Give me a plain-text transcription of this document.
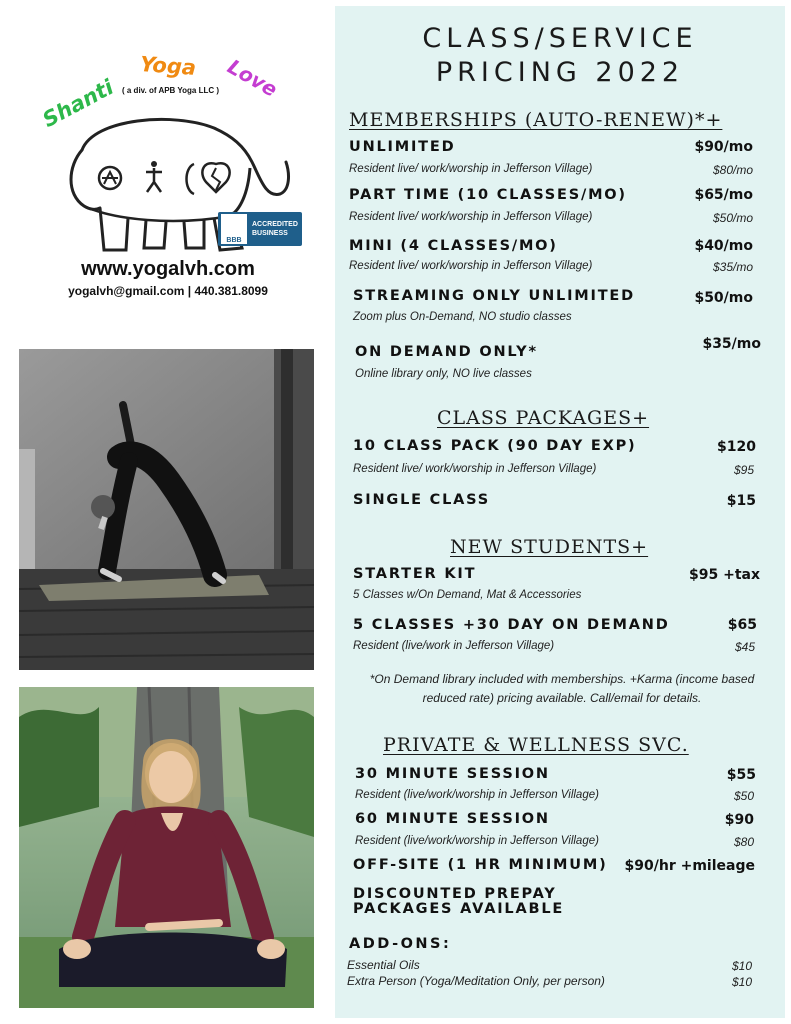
Shanti
Yoga Love
( a div. of APB Yoga LLC )
BBB
ACCREDITED
BUSINESS
www.yogalvh.com
yogalvh@gmail.com | 440.381.8099
CLASS/SERVICE
PRICING 2022
MEMBERSHIPS (AUTO-RENEW)*+
UNLIMITED	$90/mo
Resident live/ work/worship in Jefferson Village)	$80/mo
PART TIME (10 CLASSES/MO)	$65/mo
Resident live/ work/worship in Jefferson Village)	$50/mo
MINI (4 CLASSES/MO)	$40/mo
Resident live/ work/worship in Jefferson Village)	$35/mo
STREAMING ONLY UNLIMITED	$50/mo
Zoom plus On-Demand, NO studio classes
ON DEMAND ONLY*	$35/mo
Online library only, NO live classes
CLASS PACKAGES+
10 CLASS PACK (90 DAY EXP)	$120
Resident live/ work/worship in Jefferson Village)	$95
SINGLE CLASS	$15
NEW STUDENTS+
STARTER KIT	$95 +tax
5 Classes w/On Demand, Mat & Accessories
5 CLASSES +30 DAY ON DEMAND	$65
Resident (live/work in Jefferson Village)	$45
*On Demand library included with memberships. +Karma (income based
reduced rate) pricing available. Call/email for details.
PRIVATE & WELLNESS SVC.
30 MINUTE SESSION	$55
Resident (live/work/worship in Jefferson Village)	$50
60 MINUTE SESSION	$90
Resident (live/work/worship in Jefferson Village)	$80
OFF-SITE (1 HR MINIMUM) $90/hr +mileage
DISCOUNTED PREPAY
PACKAGES AVAILABLE
ADD-ONS:
Essential Oils	$10
Extra Person (Yoga/Meditation Only, per person)	$10
